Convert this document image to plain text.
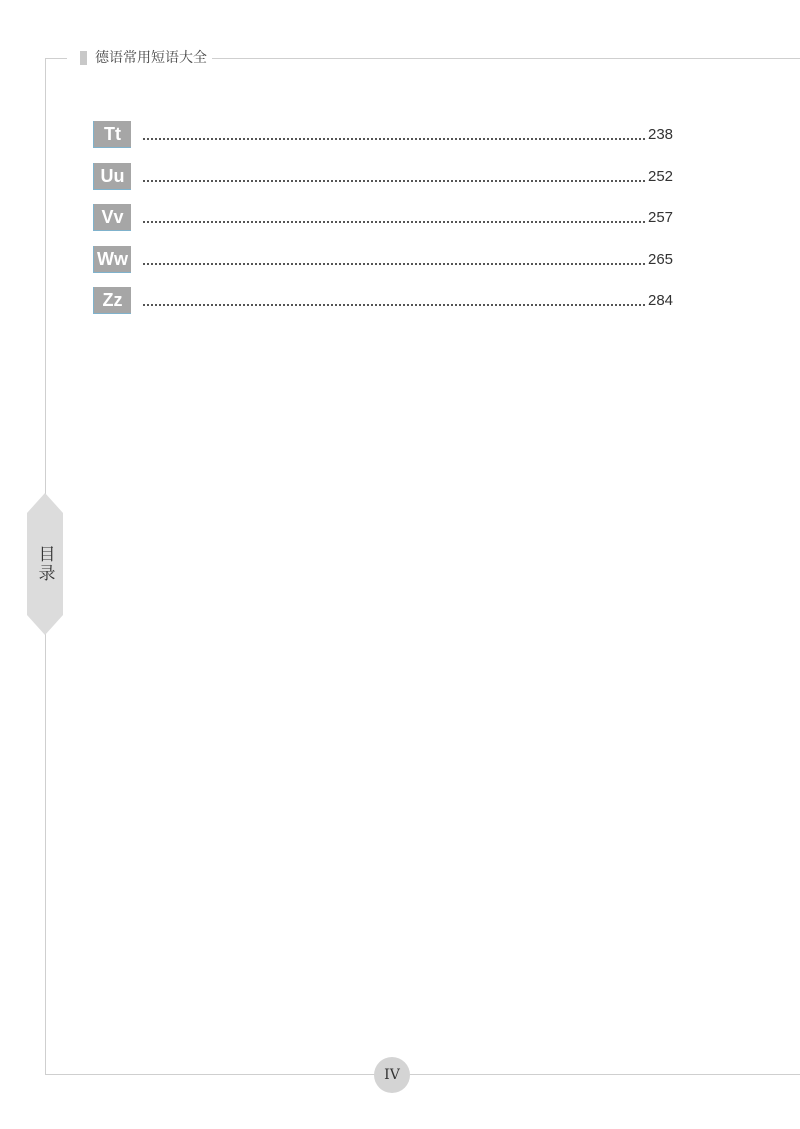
德语常用短语大全
Tt	238
Uu	252
Vv	257
Ww	265
Zz	284
目录
IV
